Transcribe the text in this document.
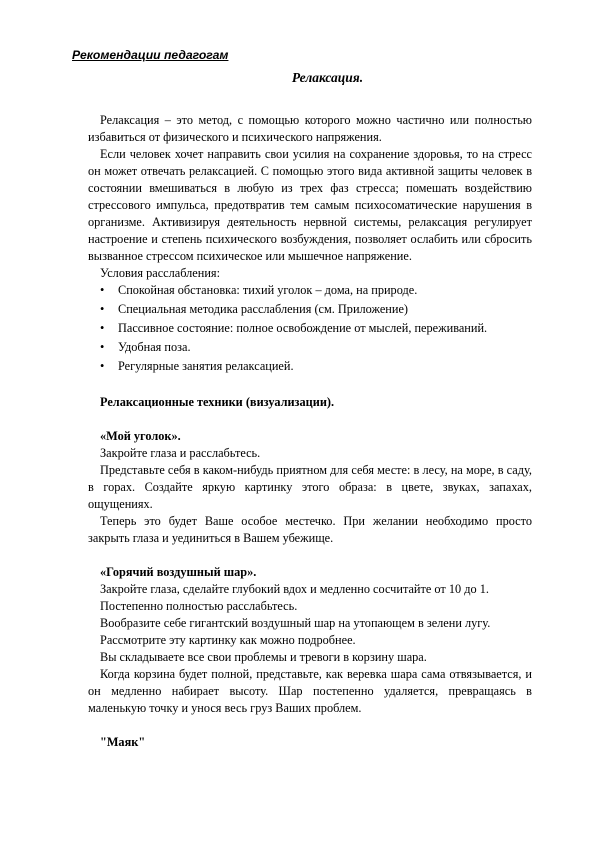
Рекомендации педагогам
Релаксация.

Релаксация – это метод, с помощью которого можно частично или полностью избавиться от физического и психического напряжения.

Если человек хочет направить свои усилия на сохранение здоровья, то на стресс он может отвечать релаксацией. С помощью этого вида активной защиты человек в состоянии вмешиваться в любую из трех фаз стресса; помешать воздействию стрессового импульса, предотвратив тем самым психосоматические нарушения в организме. Активизируя деятельность нервной системы, релаксация регулирует настроение и степень психического возбуждения, позволяет ослабить или сбросить вызванное стрессом психическое или мышечное напряжение.

Условия расслабления:

• Спокойная обстановка: тихий уголок – дома, на природе.
• Специальная методика расслабления (см. Приложение)
• Пассивное состояние: полное освобождение от мыслей, переживаний.
• Удобная поза.
• Регулярные занятия релаксацией.

Релаксационные техники (визуализации).

«Мой уголок».

Закройте глаза и расслабьтесь.

Представьте себя в каком-нибудь приятном для себя месте: в лесу, на море, в саду, в горах. Создайте яркую картинку этого образа: в цвете, звуках, запахах, ощущениях.

Теперь это будет Ваше особое местечко. При желании необходимо просто закрыть глаза и уединиться в Вашем убежище.

«Горячий воздушный шар».

Закройте глаза, сделайте глубокий вдох и медленно сосчитайте от 10 до 1.

Постепенно полностью расслабьтесь.

Вообразите себе гигантский воздушный шар на утопающем в зелени лугу.

Рассмотрите эту картинку как можно подробнее.

Вы складываете все свои проблемы и тревоги в корзину шара.

Когда корзина будет полной, представьте, как веревка шара сама отвязывается, и он медленно набирает высоту. Шар постепенно удаляется, превращаясь в маленькую точку и унося весь груз Ваших проблем.

"Маяк"
